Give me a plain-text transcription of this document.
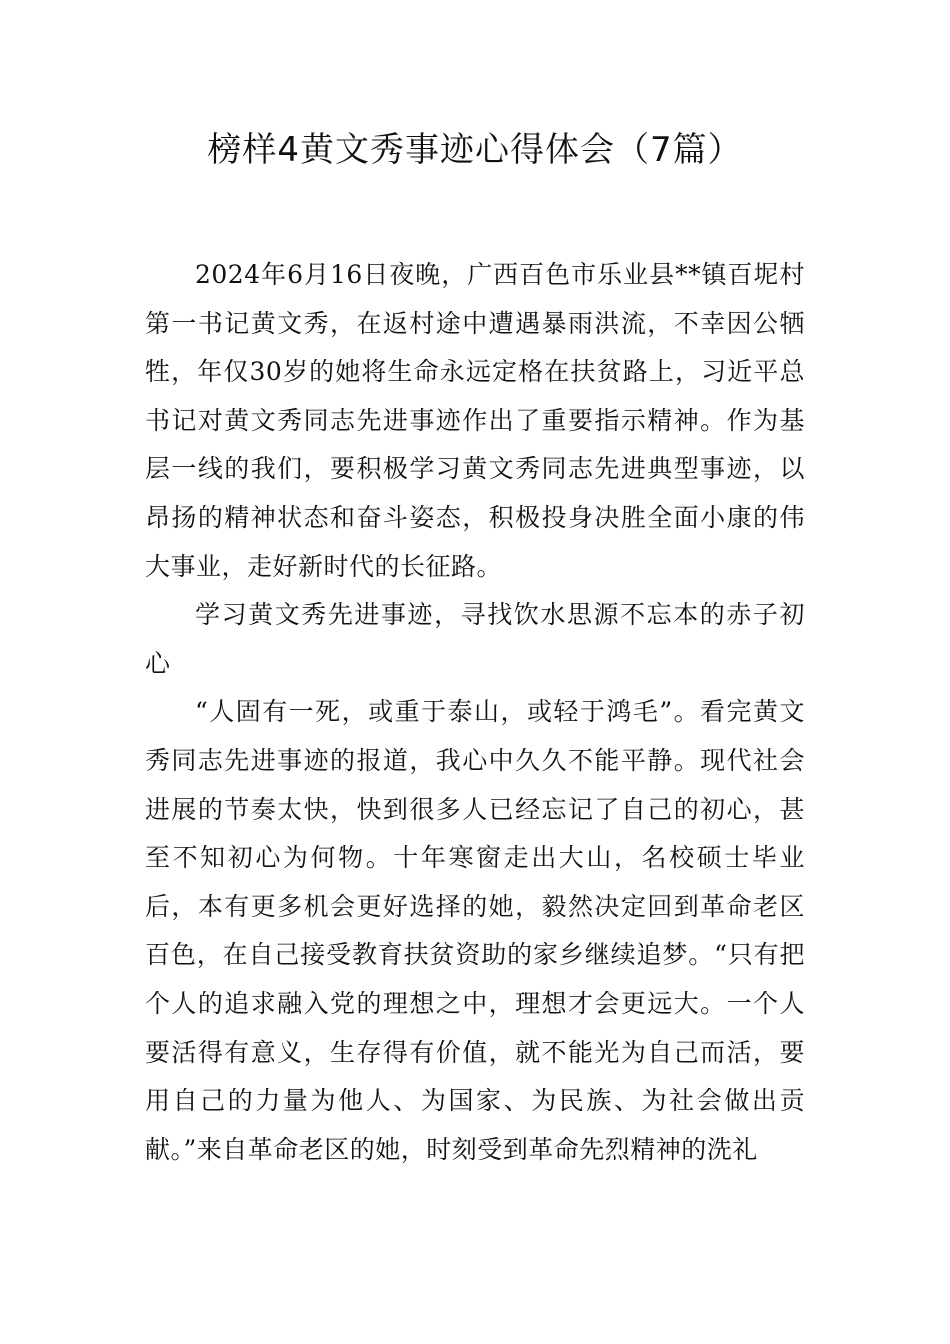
榜样4黄文秀事迹心得体会（7篇）

2024年6月16日夜晚，广西百色市乐业县**镇百坭村第一书记黄文秀，在返村途中遭遇暴雨洪流，不幸因公牺牲，年仅30岁的她将生命永远定格在扶贫路上，习近平总书记对黄文秀同志先进事迹作出了重要指示精神。作为基层一线的我们，要积极学习黄文秀同志先进典型事迹，以昂扬的精神状态和奋斗姿态，积极投身决胜全面小康的伟大事业，走好新时代的长征路。

学习黄文秀先进事迹，寻找饮水思源不忘本的赤子初心

“人固有一死，或重于泰山，或轻于鸿毛”。看完黄文秀同志先进事迹的报道，我心中久久不能平静。现代社会进展的节奏太快，快到很多人已经忘记了自己的初心，甚至不知初心为何物。十年寒窗走出大山，名校硕士毕业后，本有更多机会更好选择的她，毅然决定回到革命老区百色，在自己接受教育扶贫资助的家乡继续追梦。“只有把个人的追求融入党的理想之中，理想才会更远大。一个人要活得有意义，生存得有价值，就不能光为自己而活，要用自己的力量为他人、为国家、为民族、为社会做出贡献。”来自革命老区的她，时刻受到革命先烈精神的洗礼
